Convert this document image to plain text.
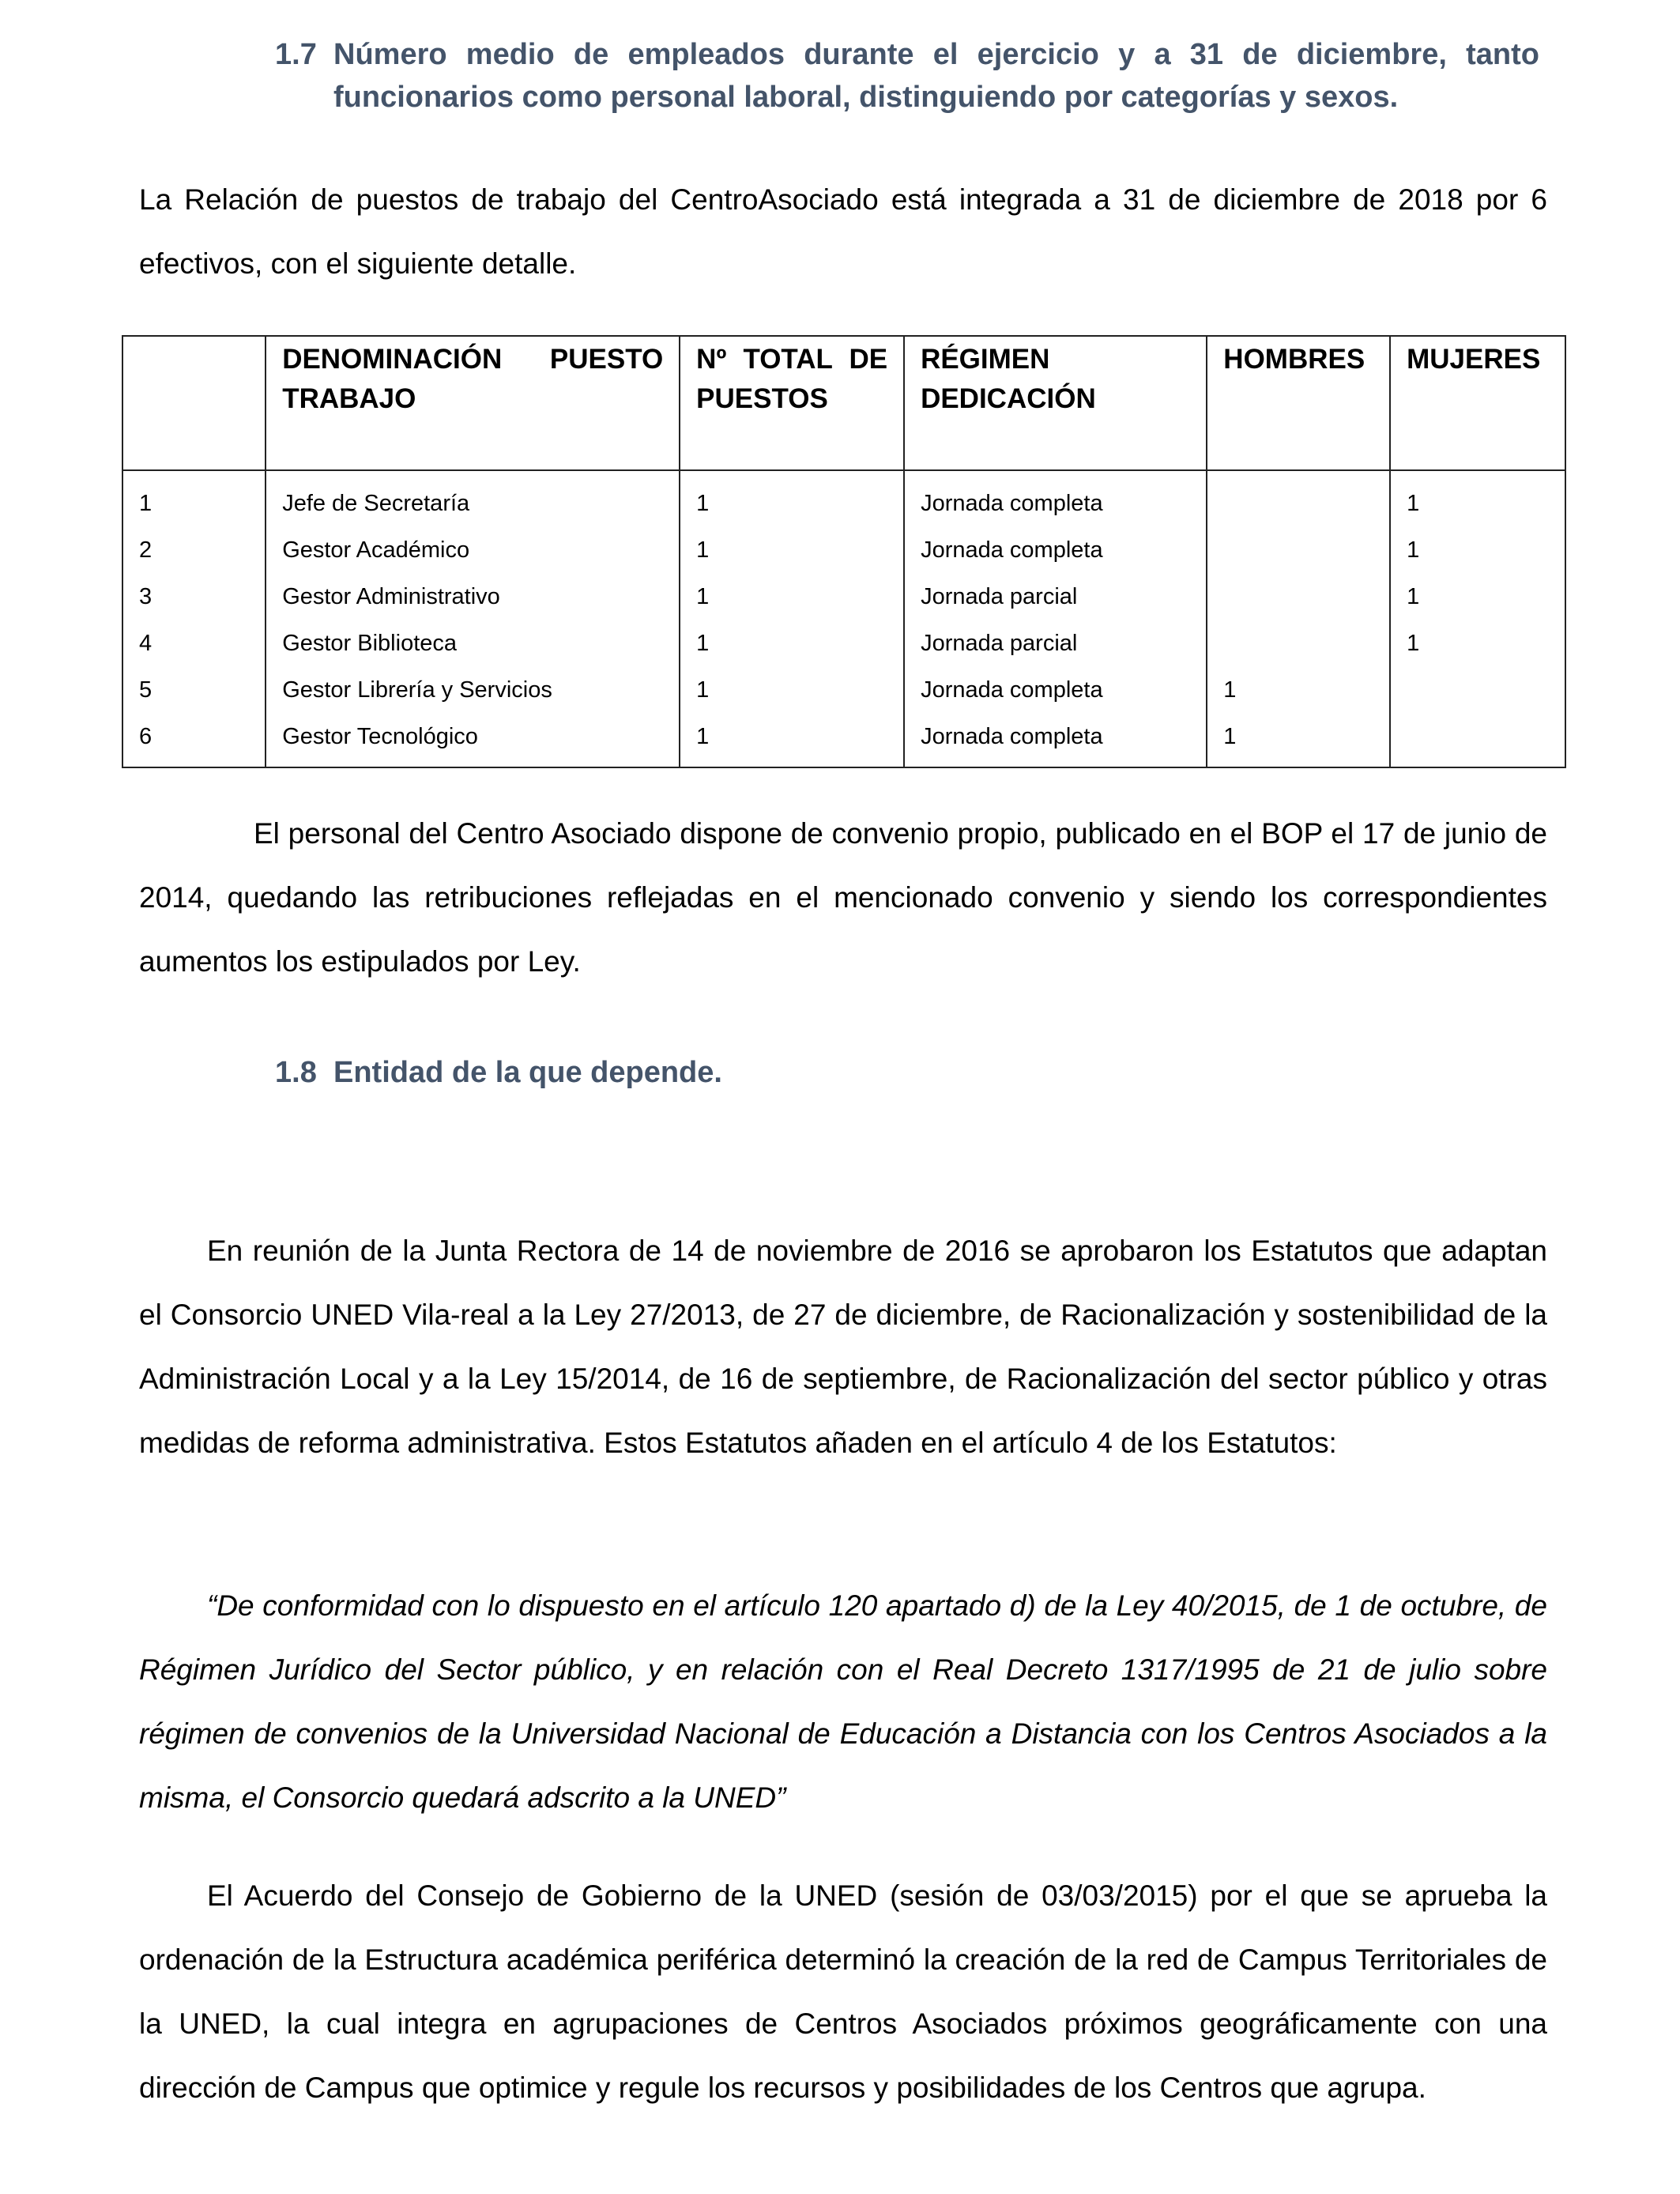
1.7 Número medio de empleados durante el ejercicio y a 31 de diciembre, tanto
funcionarios como personal laboral, distinguiendo por categorías y sexos.

La Relación de puestos de trabajo del CentroAsociado está integrada a 31 de diciembre de 2018 por 6 efectivos, con el siguiente detalle.

	DENOMINACIÓN PUESTO TRABAJO	Nº TOTAL DE PUESTOS	RÉGIMEN DEDICACIÓN	HOMBRES	MUJERES
1	Jefe de Secretaría	1	Jornada completa		1
2	Gestor Académico	1	Jornada completa		1
3	Gestor Administrativo	1	Jornada parcial		1
4	Gestor Biblioteca	1	Jornada parcial		1
5	Gestor Librería y Servicios	1	Jornada completa	1	
6	Gestor Tecnológico	1	Jornada completa	1	

El personal del Centro Asociado dispone de convenio propio, publicado en el BOP el 17 de junio de 2014, quedando las retribuciones reflejadas en el mencionado convenio y siendo los correspondientes aumentos los estipulados por Ley.

1.8 Entidad de la que depende.

En reunión de la Junta Rectora de 14 de noviembre de 2016 se aprobaron los Estatutos que adaptan el Consorcio UNED Vila-real a la Ley 27/2013, de 27 de diciembre, de Racionalización y sostenibilidad de la Administración Local y a la Ley 15/2014, de 16 de septiembre, de Racionalización del sector público y otras medidas de reforma administrativa. Estos Estatutos añaden en el artículo 4 de los Estatutos:

“De conformidad con lo dispuesto en el artículo 120 apartado d) de la Ley 40/2015, de 1 de octubre, de Régimen Jurídico del Sector público, y en relación con el Real Decreto 1317/1995 de 21 de julio sobre régimen de convenios de la Universidad Nacional de Educación a Distancia con los Centros Asociados a la misma, el Consorcio quedará adscrito a la UNED”

El Acuerdo del Consejo de Gobierno de la UNED (sesión de 03/03/2015) por el que se aprueba la ordenación de la Estructura académica periférica determinó la creación de la red de Campus Territoriales de la UNED, la cual integra en agrupaciones de Centros Asociados próximos geográficamente con una dirección de Campus que optimice y regule los recursos y posibilidades de los Centros que agrupa.
